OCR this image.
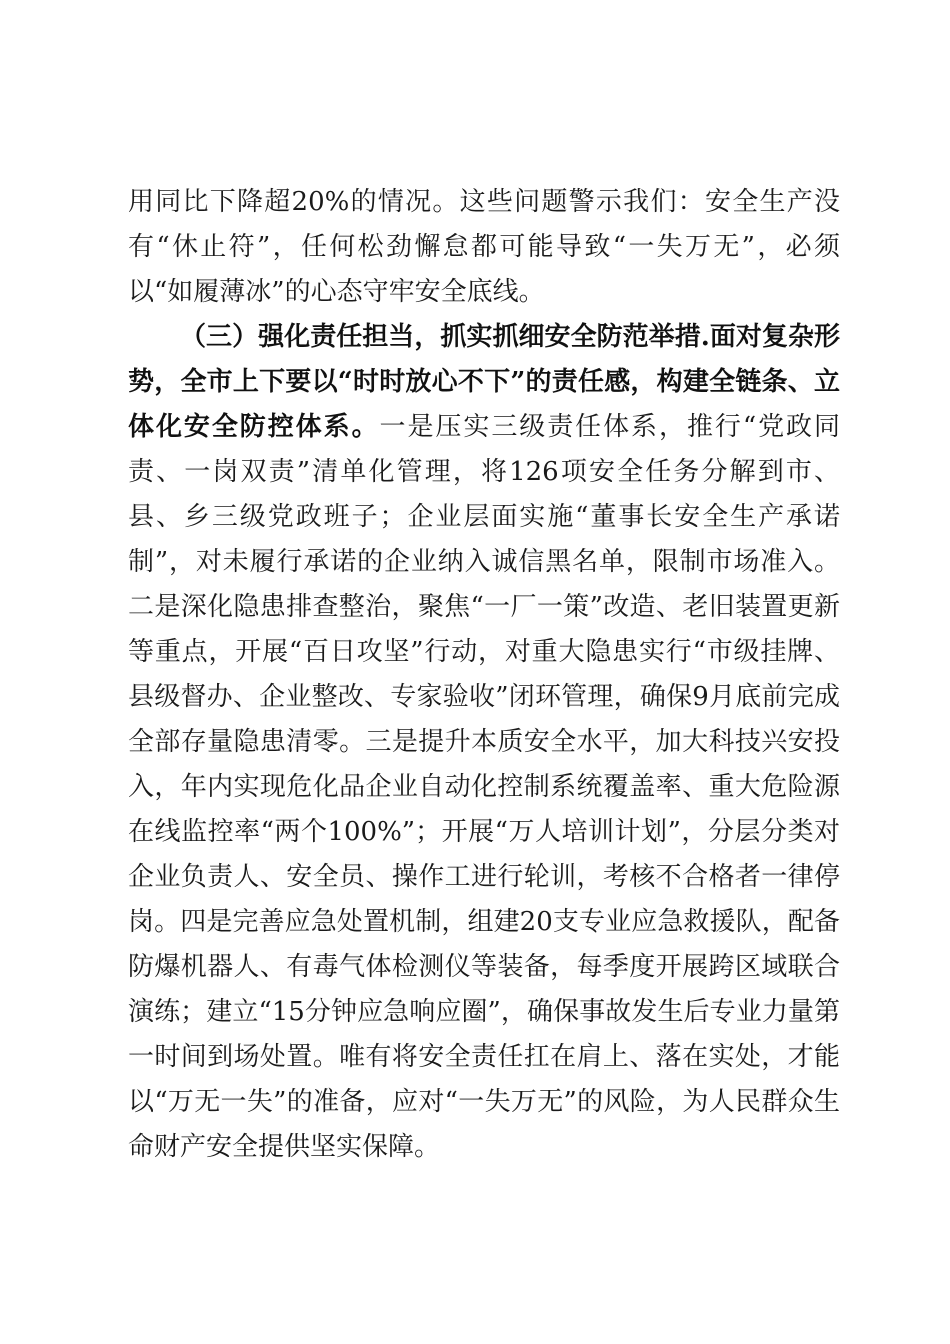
用同比下降超20%的情况。这些问题警示我们：安全生产没有“休止符”，任何松劲懈怠都可能导致“一失万无”，必须以“如履薄冰”的心态守牢安全底线。

（三）强化责任担当，抓实抓细安全防范举措.面对复杂形势，全市上下要以“时时放心不下”的责任感，构建全链条、立体化安全防控体系。一是压实三级责任体系，推行“党政同责、一岗双责”清单化管理，将126项安全任务分解到市、县、乡三级党政班子；企业层面实施“董事长安全生产承诺制”，对未履行承诺的企业纳入诚信黑名单，限制市场准入。二是深化隐患排查整治，聚焦“一厂一策”改造、老旧装置更新等重点，开展“百日攻坚”行动，对重大隐患实行“市级挂牌、县级督办、企业整改、专家验收”闭环管理，确保9月底前完成全部存量隐患清零。三是提升本质安全水平，加大科技兴安投入，年内实现危化品企业自动化控制系统覆盖率、重大危险源在线监控率“两个100%”；开展“万人培训计划”，分层分类对企业负责人、安全员、操作工进行轮训，考核不合格者一律停岗。四是完善应急处置机制，组建20支专业应急救援队，配备防爆机器人、有毒气体检测仪等装备，每季度开展跨区域联合演练；建立“15分钟应急响应圈”，确保事故发生后专业力量第一时间到场处置。唯有将安全责任扛在肩上、落在实处，才能以“万无一失”的准备，应对“一失万无”的风险，为人民群众生命财产安全提供坚实保障。
